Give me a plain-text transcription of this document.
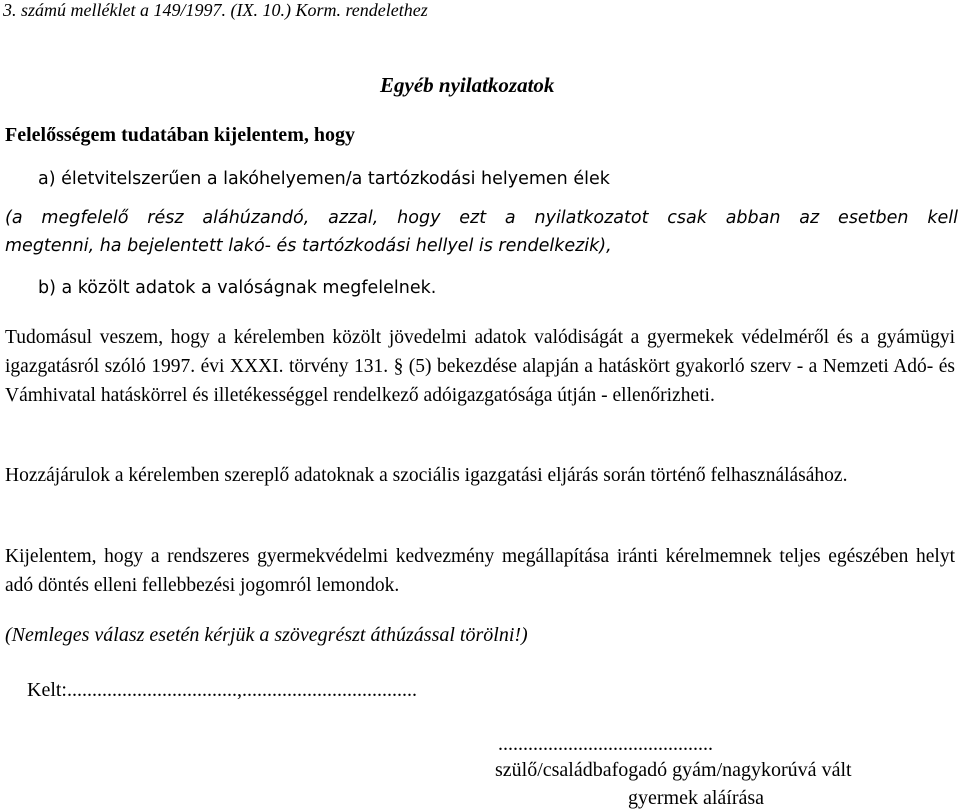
3. számú melléklet a 149/1997. (IX. 10.) Korm. rendelethez
Egyéb nyilatkozatok
Felelősségem tudatában kijelentem, hogy
a) életvitelszerűen a lakóhelyemen/a tartózkodási helyemen élek
(a megfelelő rész aláhúzandó, azzal, hogy ezt a nyilatkozatot csak abban az esetben kell
megtenni, ha bejelentett lakó- és tartózkodási hellyel is rendelkezik),
b) a közölt adatok a valóságnak megfelelnek.
Tudomásul veszem, hogy a kérelemben közölt jövedelmi adatok valódiságát a gyermekek védelméről és a gyámügyi igazgatásról szóló 1997. évi XXXI. törvény 131. § (5) bekezdése alapján a hatáskört gyakorló szerv - a Nemzeti Adó- és Vámhivatal hatáskörrel és illetékességgel rendelkező adóigazgatósága útján - ellenőrizheti.
Hozzájárulok a kérelemben szereplő adatoknak a szociális igazgatási eljárás során történő felhasználásához.
Kijelentem, hogy a rendszeres gyermekvédelmi kedvezmény megállapítása iránti kérelmemnek teljes egészében helyt adó döntés elleni fellebbezési jogomról lemondok.
(Nemleges válasz esetén kérjük a szövegrészt áthúzással törölni!)
Kelt:..................................,...................................
...........................................
szülő/családbafogadó gyám/nagykorúvá vált
gyermek aláírása
